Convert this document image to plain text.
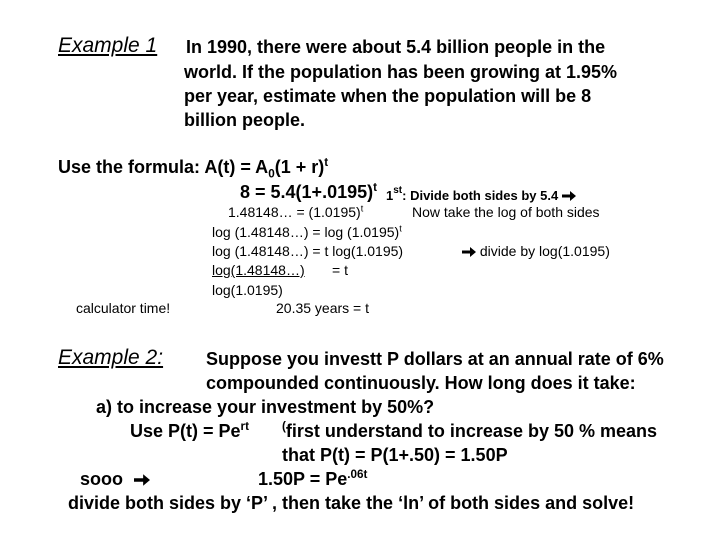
Example 1 In 1990, there were about 5.4 billion people in the
world. If the population has been growing at 1.95%
per year, estimate when the population will be 8
billion people.
Use the formula: $A(t) = A_0(1 + r)^t$
$8 = 5.4(1+.0195)^t$
1st: Divide both sides by 5.4
1.48148… = $(1.0195)^t$	Now take the log of both sides
log (1.48148…) = $\log (1.0195)^t$
log (1.48148…) = t log(1.0195)	divide by log(1.0195)
log(1.48148…) = t
log(1.0195)
calculator time!	20.35 years = t
Example 2: Suppose you investt P dollars at an annual rate of 6%
compounded continuously. How long does it take:
a) to increase your investment by 50%?
Use $P(t) = Pe^{rt}$	(first understand to increase by 50 % means
that P(t) = P(1+.50) = 1.50P
sooo	$1.50P = Pe^{.06t}$
divide both sides by ‘P’ , then take the ‘ln’ of both sides and solve!
